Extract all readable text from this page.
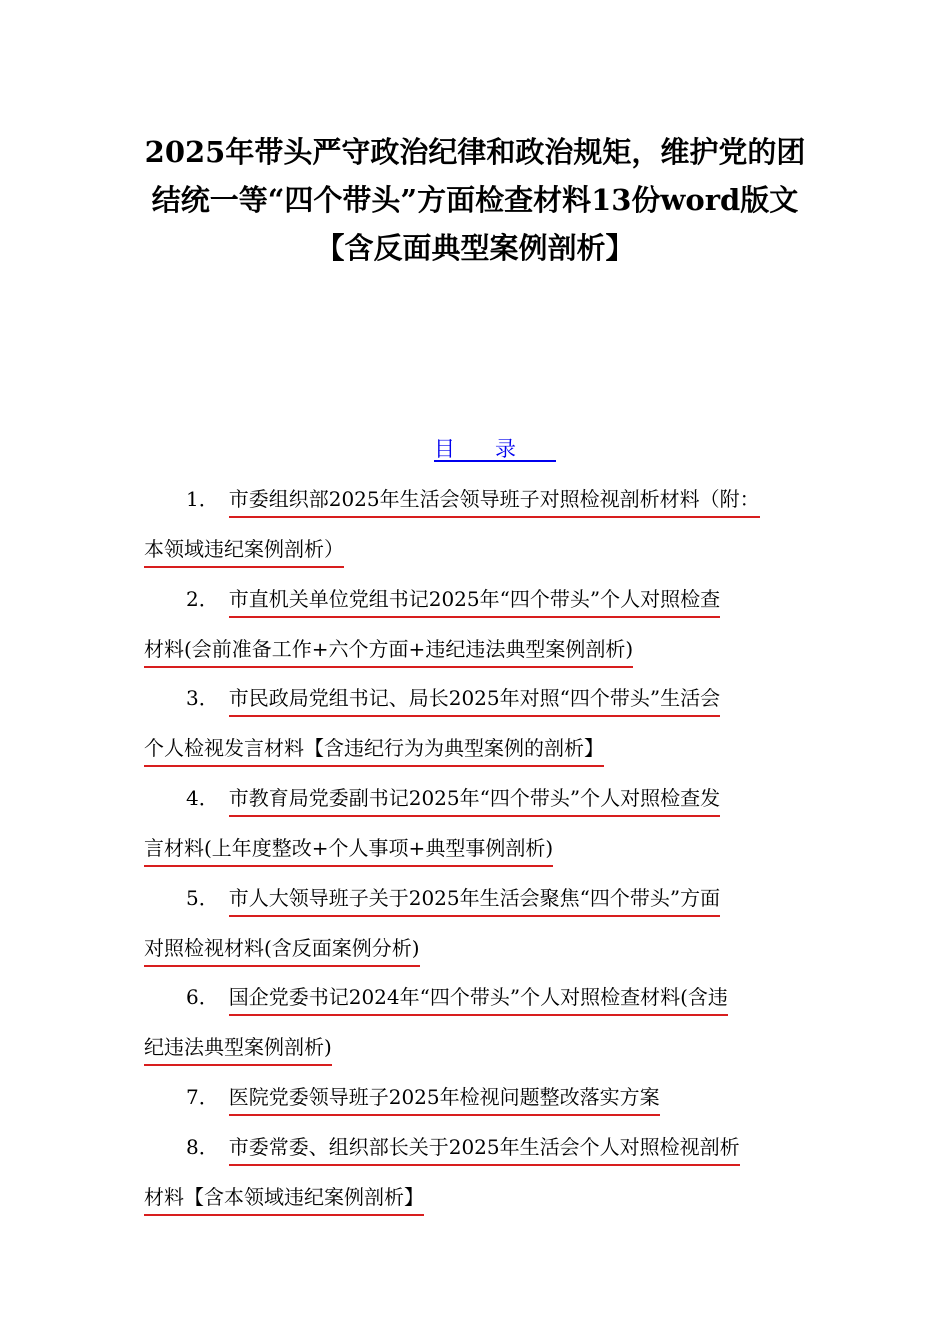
2025年带头严守政治纪律和政治规矩，维护党的团
结统一等“四个带头”方面检查材料13份word版文
【含反面典型案例剖析】
目录
1． 市委组织部2025年生活会领导班子对照检视剖析材料（附：
本领域违纪案例剖析）
2． 市直机关单位党组书记2025年“四个带头”个人对照检查
材料(会前准备工作+六个方面+违纪违法典型案例剖析)
3． 市民政局党组书记、局长2025年对照“四个带头”生活会
个人检视发言材料【含违纪行为为典型案例的剖析】
4． 市教育局党委副书记2025年“四个带头”个人对照检查发
言材料(上年度整改+个人事项+典型事例剖析)
5． 市人大领导班子关于2025年生活会聚焦“四个带头”方面
对照检视材料(含反面案例分析)
6． 国企党委书记2024年“四个带头”个人对照检查材料(含违
纪违法典型案例剖析)
7． 医院党委领导班子2025年检视问题整改落实方案
8． 市委常委、组织部长关于2025年生活会个人对照检视剖析
材料【含本领域违纪案例剖析】
